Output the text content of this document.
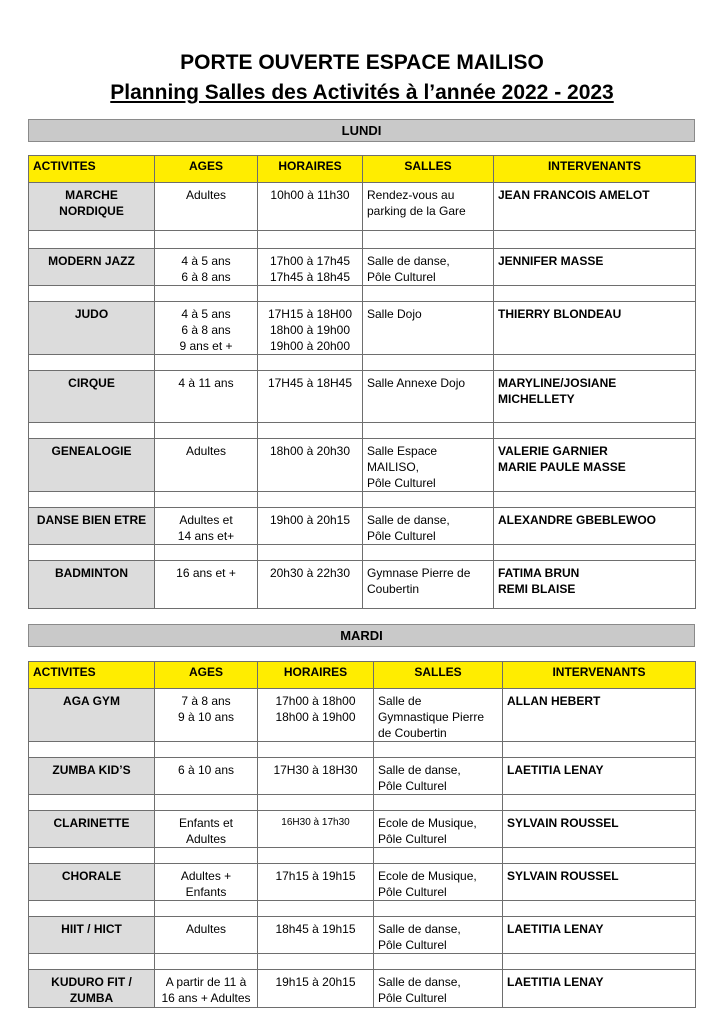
PORTE OUVERTE ESPACE MAILISO
Planning Salles des Activités à l’année 2022 - 2023
LUNDI
ACTIVITES	AGES	HORAIRES	SALLES	INTERVENANTS
MARCHE
NORDIQUE	Adultes	10h00 à 11h30	Rendez-vous au
parking de la Gare	JEAN FRANCOIS AMELOT

MODERN JAZZ	4 à 5 ans
6 à 8 ans	17h00 à 17h45
17h45 à 18h45	Salle de danse,
Pôle Culturel	JENNIFER MASSE

JUDO	4 à 5 ans
6 à 8 ans
9 ans et +	17H15 à 18H00
18h00 à 19h00
19h00 à 20h00	Salle Dojo	THIERRY BLONDEAU

CIRQUE	4 à 11 ans	17H45 à 18H45	Salle Annexe Dojo	MARYLINE/JOSIANE MICHELLETY

GENEALOGIE	Adultes	18h00 à 20h30	Salle Espace MAILISO,
Pôle Culturel	VALERIE GARNIER
MARIE PAULE MASSE

DANSE BIEN ETRE	Adultes et
14 ans et+	19h00 à 20h15	Salle de danse,
Pôle Culturel	ALEXANDRE GBEBLEWOO

BADMINTON	16 ans et +	20h30 à 22h30	Gymnase Pierre de
Coubertin	FATIMA BRUN
REMI BLAISE
MARDI
ACTIVITES	AGES	HORAIRES	SALLES	INTERVENANTS
AGA GYM	7 à 8 ans
9 à 10 ans	17h00 à 18h00
18h00 à 19h00	Salle de
Gymnastique Pierre
de Coubertin	ALLAN HEBERT

ZUMBA KID’S	6 à 10 ans	17H30 à 18H30	Salle de danse,
Pôle Culturel	LAETITIA LENAY

CLARINETTE	Enfants et
Adultes	16H30 à 17h30	Ecole de Musique,
Pôle Culturel	SYLVAIN ROUSSEL

CHORALE	Adultes + Enfants	17h15 à 19h15	Ecole de Musique,
Pôle Culturel	SYLVAIN ROUSSEL

HIIT / HICT	Adultes	18h45 à 19h15	Salle de danse,
Pôle Culturel	LAETITIA LENAY

KUDURO FIT /
ZUMBA	A partir de 11 à
16 ans + Adultes	19h15 à 20h15	Salle de danse,
Pôle Culturel	LAETITIA LENAY
